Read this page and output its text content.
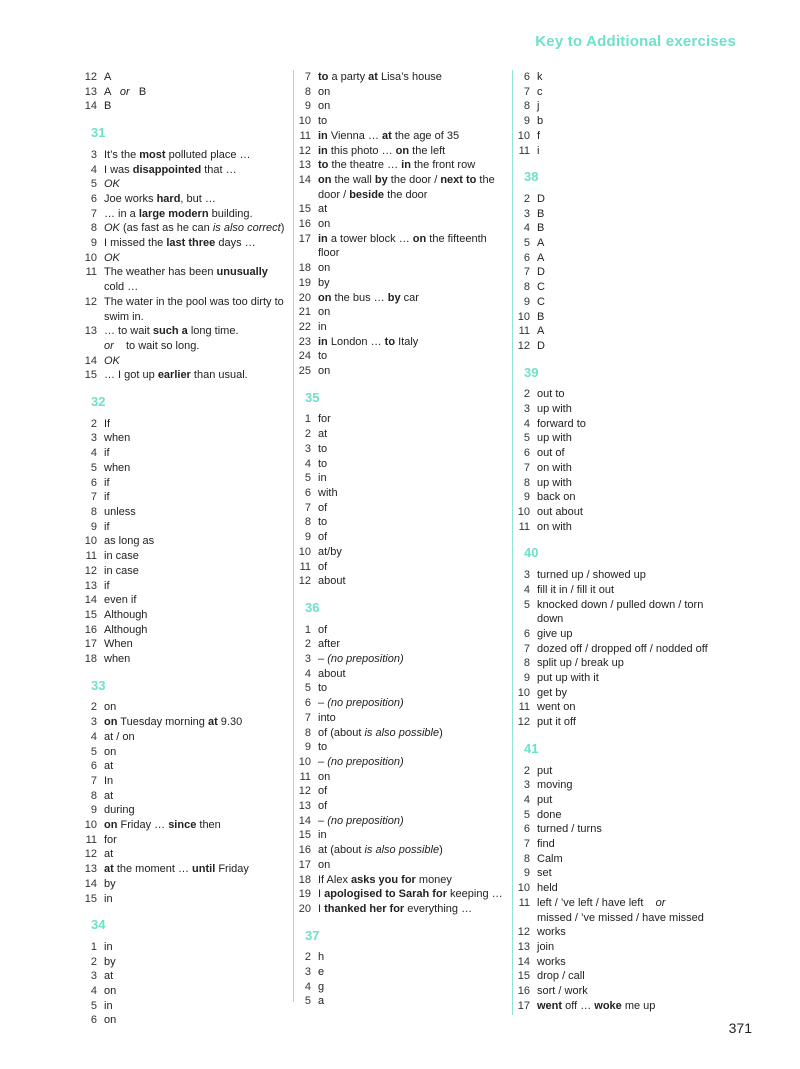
Key to Additional exercises
12 A
13 A   or   B
14 B
31
3 It’s the most polluted place …
4 I was disappointed that …
5 OK
6 Joe works hard, but …
7 … in a large modern building.
8 OK (as fast as he can is also correct)
9 I missed the last three days …
10 OK
11 The weather has been unusually cold …
12 The water in the pool was too dirty to swim in.
13 … to wait such a long time.
or    to wait so long.
14 OK
15 … I got up earlier than usual.
32
2 If
3 when
4 if
5 when
6 if
7 if
8 unless
9 if
10 as long as
11 in case
12 in case
13 if
14 even if
15 Although
16 Although
17 When
18 when
33
2 on
3 on Tuesday morning at 9.30
4 at / on
5 on
6 at
7 In
8 at
9 during
10 on Friday … since then
11 for
12 at
13 at the moment … until Friday
14 by
15 in
34
1 in
2 by
3 at
4 on
5 in
6 on
7 to a party at Lisa’s house
8 on
9 on
10 to
11 in Vienna … at the age of 35
12 in this photo … on the left
13 to the theatre … in the front row
14 on the wall by the door / next to the door / beside the door
15 at
16 on
17 in a tower block … on the fifteenth floor
18 on
19 by
20 on the bus … by car
21 on
22 in
23 in London … to Italy
24 to
25 on
35
1 for
2 at
3 to
4 to
5 in
6 with
7 of
8 to
9 of
10 at/by
11 of
12 about
36
1 of
2 after
3 – (no preposition)
4 about
5 to
6 – (no preposition)
7 into
8 of (about is also possible)
9 to
10 – (no preposition)
11 on
12 of
13 of
14 – (no preposition)
15 in
16 at (about is also possible)
17 on
18 If Alex asks you for money
19 I apologised to Sarah for keeping …
20 I thanked her for everything …
37
2 h
3 e
4 g
5 a
6 k
7 c
8 j
9 b
10 f
11 i
38
2 D
3 B
4 B
5 A
6 A
7 D
8 C
9 C
10 B
11 A
12 D
39
2 out to
3 up with
4 forward to
5 up with
6 out of
7 on with
8 up with
9 back on
10 out about
11 on with
40
3 turned up / showed up
4 fill it in / fill it out
5 knocked down / pulled down / torn down
6 give up
7 dozed off / dropped off / nodded off
8 split up / break up
9 put up with it
10 get by
11 went on
12 put it off
41
2 put
3 moving
4 put
5 done
6 turned / turns
7 find
8 Calm
9 set
10 held
11 left / ’ve left / have left    or
missed / ’ve missed / have missed
12 works
13 join
14 works
15 drop / call
16 sort / work
17 went off … woke me up
371
